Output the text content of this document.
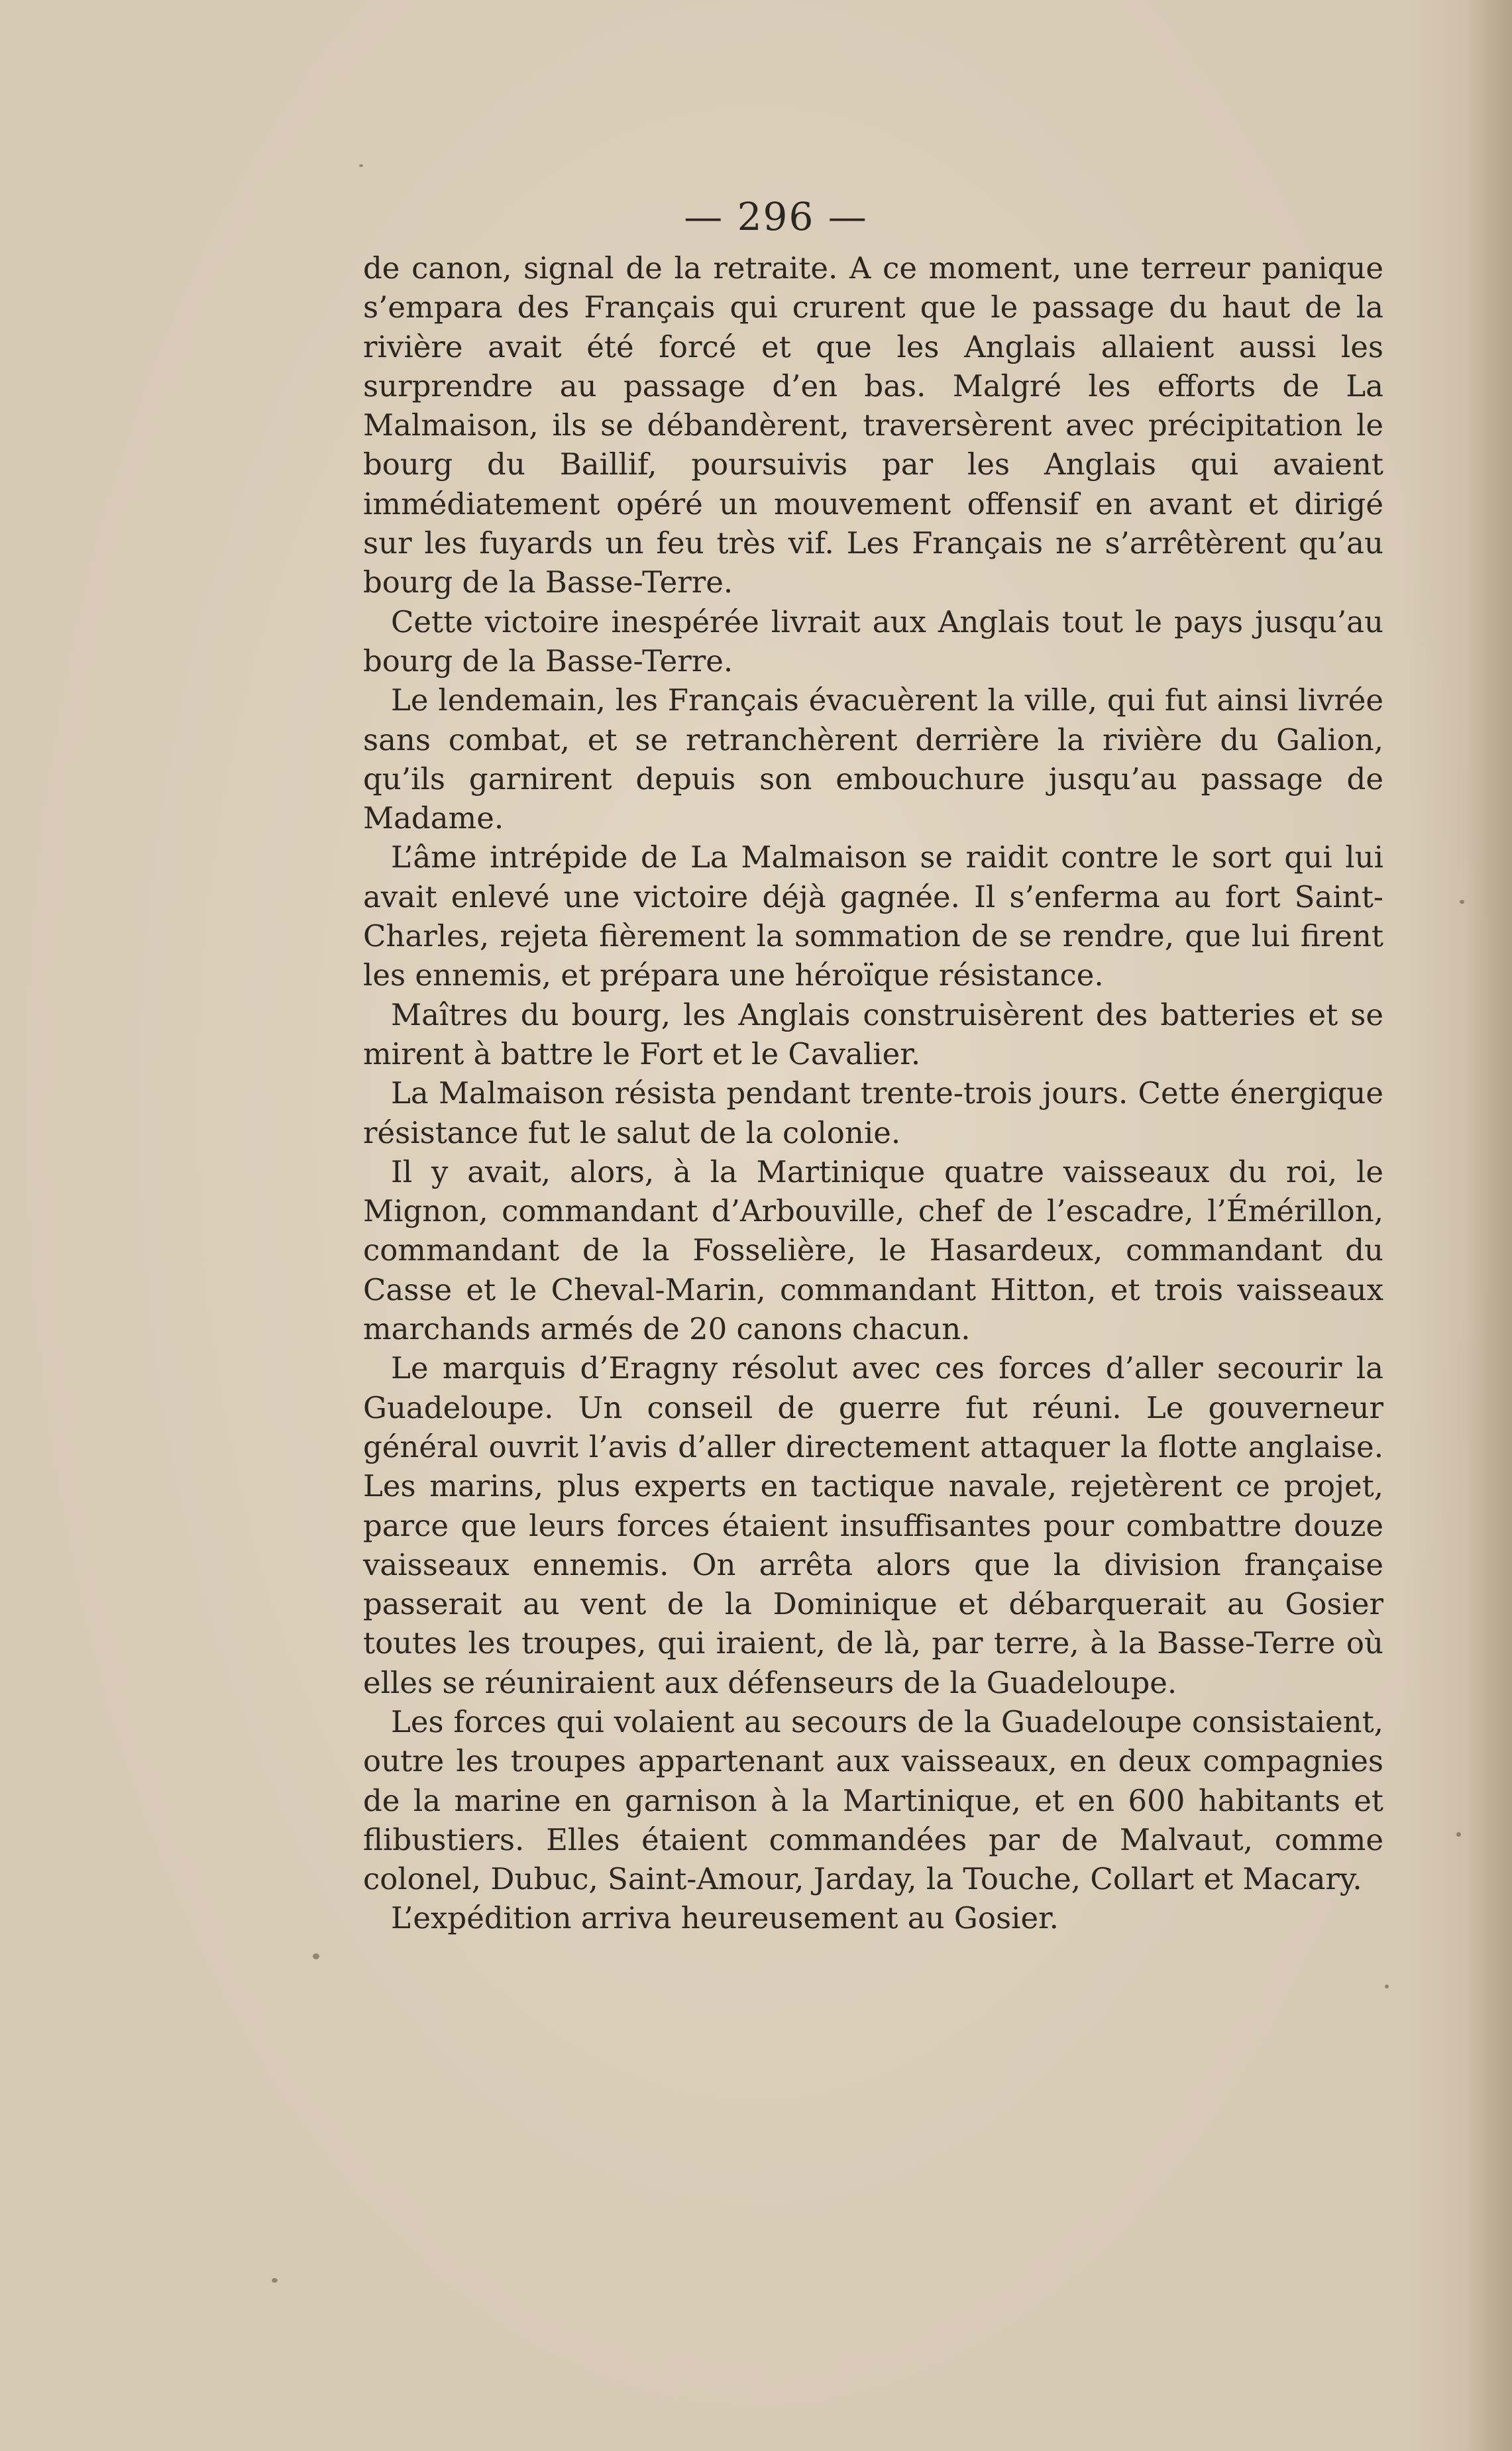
— 296 —

de canon, signal de la retraite. A ce moment, une terreur panique s’empara des Français qui crurent que le passage du haut de la rivière avait été forcé et que les Anglais allaient aussi les surprendre au passage d’en bas. Malgré les efforts de La Malmaison, ils se débandèrent, traversèrent avec précipitation le bourg du Baillif, poursuivis par les Anglais qui avaient immédiatement opéré un mouvement offensif en avant et dirigé sur les fuyards un feu très vif. Les Français ne s’arrêtèrent qu’au bourg de la Basse-Terre.

Cette victoire inespérée livrait aux Anglais tout le pays jusqu’au bourg de la Basse-Terre.

Le lendemain, les Français évacuèrent la ville, qui fut ainsi livrée sans combat, et se retranchèrent derrière la rivière du Galion, qu’ils garnirent depuis son embouchure jusqu’au passage de Madame.

L’âme intrépide de La Malmaison se raidit contre le sort qui lui avait enlevé une victoire déjà gagnée. Il s’enferma au fort Saint-Charles, rejeta fièrement la sommation de se rendre, que lui firent les ennemis, et prépara une héroïque résistance.

Maîtres du bourg, les Anglais construisèrent des batteries et se mirent à battre le Fort et le Cavalier.

La Malmaison résista pendant trente-trois jours. Cette énergique résistance fut le salut de la colonie.

Il y avait, alors, à la Martinique quatre vaisseaux du roi, le Mignon, commandant d’Arbouville, chef de l’escadre, l’Émérillon, commandant de la Fosselière, le Hasardeux, commandant du Casse et le Cheval-Marin, commandant Hitton, et trois vaisseaux marchands armés de 20 canons chacun.

Le marquis d’Eragny résolut avec ces forces d’aller secourir la Guadeloupe. Un conseil de guerre fut réuni. Le gouverneur général ouvrit l’avis d’aller directement attaquer la flotte anglaise. Les marins, plus experts en tactique navale, rejetèrent ce projet, parce que leurs forces étaient insuffisantes pour combattre douze vaisseaux ennemis. On arrêta alors que la division française passerait au vent de la Dominique et débarquerait au Gosier toutes les troupes, qui iraient, de là, par terre, à la Basse-Terre où elles se réuniraient aux défenseurs de la Guadeloupe.

Les forces qui volaient au secours de la Guadeloupe consistaient, outre les troupes appartenant aux vaisseaux, en deux compagnies de la marine en garnison à la Martinique, et en 600 habitants et flibustiers. Elles étaient commandées par de Malvaut, comme colonel, Dubuc, Saint-Amour, Jarday, la Touche, Collart et Macary.

L’expédition arriva heureusement au Gosier.
